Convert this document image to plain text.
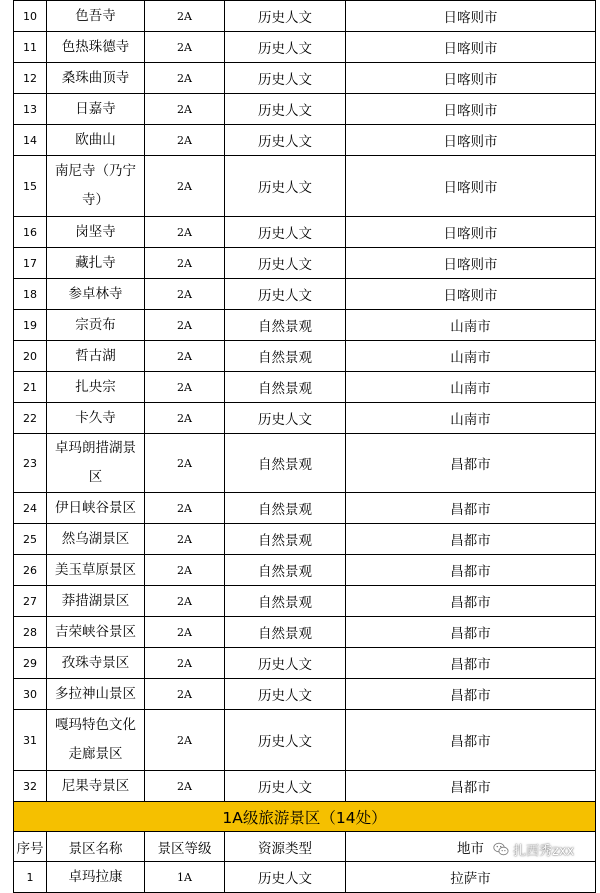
10	色吾寺	2A	历史人文	日喀则市
11	色热珠德寺	2A	历史人文	日喀则市
12	桑珠曲顶寺	2A	历史人文	日喀则市
13	日嘉寺	2A	历史人文	日喀则市
14	欧曲山	2A	历史人文	日喀则市
15	南尼寺（乃宁寺）	2A	历史人文	日喀则市
16	岗坚寺	2A	历史人文	日喀则市
17	藏扎寺	2A	历史人文	日喀则市
18	参卓林寺	2A	历史人文	日喀则市
19	宗贡布	2A	自然景观	山南市
20	哲古湖	2A	自然景观	山南市
21	扎央宗	2A	自然景观	山南市
22	卡久寺	2A	历史人文	山南市
23	卓玛朗措湖景区	2A	自然景观	昌都市
24	伊日峡谷景区	2A	自然景观	昌都市
25	然乌湖景区	2A	自然景观	昌都市
26	美玉草原景区	2A	自然景观	昌都市
27	莽措湖景区	2A	自然景观	昌都市
28	吉荣峡谷景区	2A	自然景观	昌都市
29	孜珠寺景区	2A	历史人文	昌都市
30	多拉神山景区	2A	历史人文	昌都市
31	嘎玛特色文化走廊景区	2A	历史人文	昌都市
32	尼果寺景区	2A	历史人文	昌都市
1A级旅游景区（14处）				
序号	景区名称	景区等级	资源类型	地市
1	卓玛拉康	1A	历史人文	拉萨市
扎西秀zxx
